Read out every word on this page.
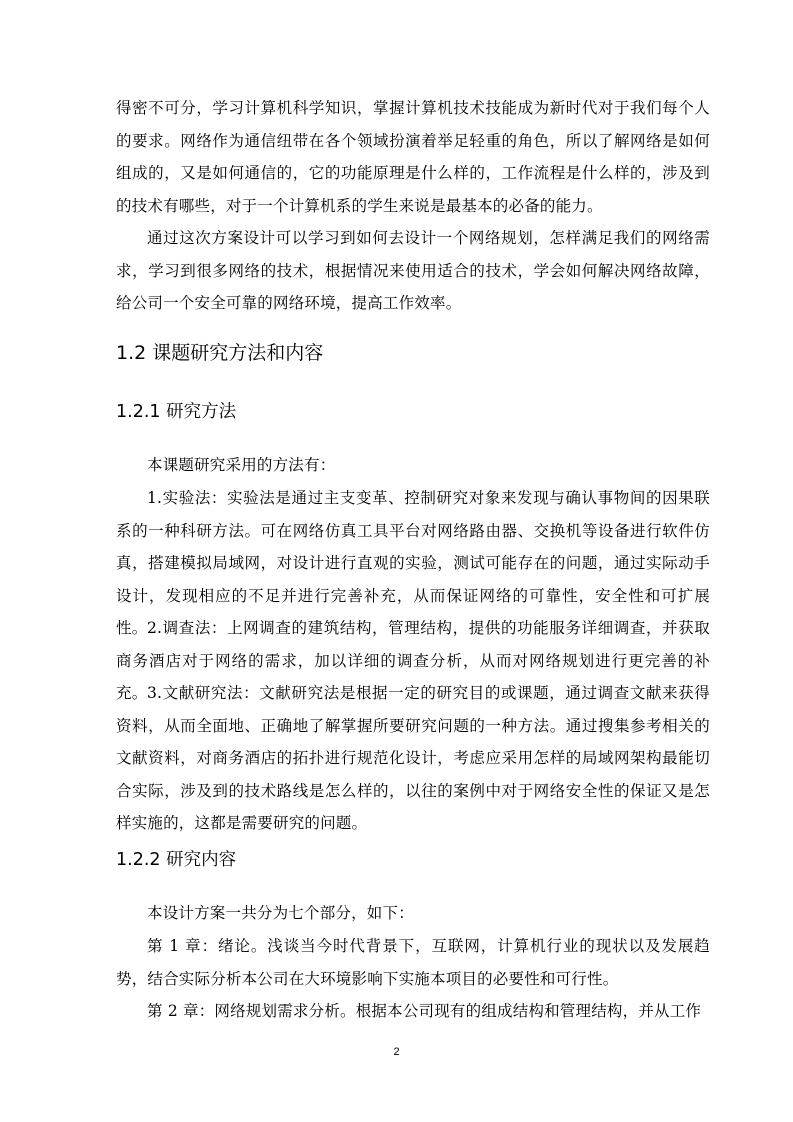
得密不可分，学习计算机科学知识，掌握计算机技术技能成为新时代对于我们每个人的要求。网络作为通信纽带在各个领域扮演着举足轻重的角色，所以了解网络是如何组成的，又是如何通信的，它的功能原理是什么样的，工作流程是什么样的，涉及到的技术有哪些，对于一个计算机系的学生来说是最基本的必备的能力。
通过这次方案设计可以学习到如何去设计一个网络规划，怎样满足我们的网络需求，学习到很多网络的技术，根据情况来使用适合的技术，学会如何解决网络故障，给公司一个安全可靠的网络环境，提高工作效率。
1.2 课题研究方法和内容
1.2.1 研究方法
本课题研究采用的方法有：
1.实验法：实验法是通过主支变革、控制研究对象来发现与确认事物间的因果联系的一种科研方法。可在网络仿真工具平台对网络路由器、交换机等设备进行软件仿真，搭建模拟局域网，对设计进行直观的实验，测试可能存在的问题，通过实际动手设计，发现相应的不足并进行完善补充，从而保证网络的可靠性，安全性和可扩展性。 2.调查法：上网调查的建筑结构，管理结构，提供的功能服务详细调查，并获取商务酒店对于网络的需求，加以详细的调查分析，从而对网络规划进行更完善的补充。 3.文献研究法：文献研究法是根据一定的研究目的或课题，通过调查文献来获得资料，从而全面地、正确地了解掌握所要研究问题的一种方法。通过搜集参考相关的文献资料，对商务酒店的拓扑进行规范化设计，考虑应采用怎样的局域网架构最能切合实际，涉及到的技术路线是怎么样的，以往的案例中对于网络安全性的保证又是怎样实施的，这都是需要研究的问题。
1.2.2 研究内容
本设计方案一共分为七个部分，如下：
第 1 章：绪论。浅谈当今时代背景下，互联网，计算机行业的现状以及发展趋势，结合实际分析本公司在大环境影响下实施本项目的必要性和可行性。
第 2 章：网络规划需求分析。根据本公司现有的组成结构和管理结构，并从工作
2
